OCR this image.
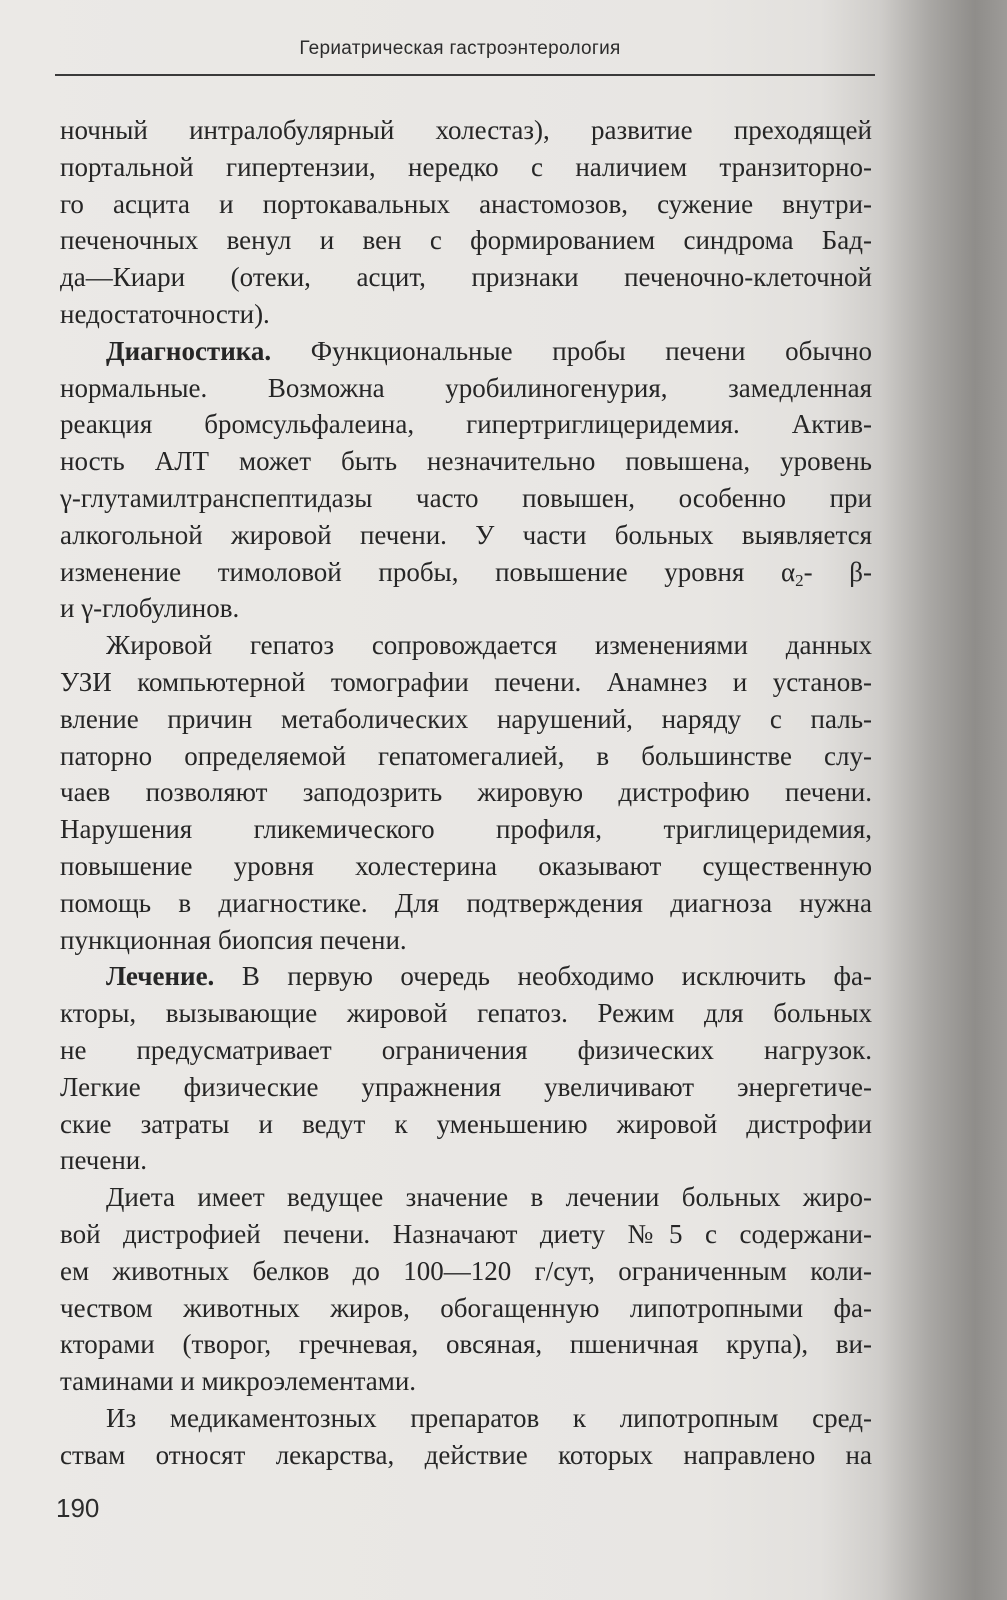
Гериатрическая гастроэнтерология
ночный интралобулярный холестаз), развитие преходящей
портальной гипертензии, нередко с наличием транзиторно-
го асцита и портокавальных анастомозов, сужение внутри-
печеночных венул и вен с формированием синдрома Бад-
да—Киари (отеки, асцит, признаки печеночно-клеточной
недостаточности).
Диагностика. Функциональные пробы печени обычно
нормальные. Возможна уробилиногенурия, замедленная
реакция бромсульфалеина, гипертриглицеридемия. Актив-
ность АЛТ может быть незначительно повышена, уровень
γ-глутамилтранспептидазы часто повышен, особенно при
алкогольной жировой печени. У части больных выявляется
изменение тимоловой пробы, повышение уровня $\alpha_2-$ β-
и γ-глобулинов.
Жировой гепатоз сопровождается изменениями данных
УЗИ компьютерной томографии печени. Анамнез и установ-
вление причин метаболических нарушений, наряду с паль-
паторно определяемой гепатомегалией, в большинстве слу-
чаев позволяют заподозрить жировую дистрофию печени.
Нарушения гликемического профиля, триглицеридемия,
повышение уровня холестерина оказывают существенную
помощь в диагностике. Для подтверждения диагноза нужна
пункционная биопсия печени.
Лечение. В первую очередь необходимо исключить фа-
кторы, вызывающие жировой гепатоз. Режим для больных
не предусматривает ограничения физических нагрузок.
Легкие физические упражнения увеличивают энергетиче-
ские затраты и ведут к уменьшению жировой дистрофии
печени.
Диета имеет ведущее значение в лечении больных жиро-
вой дистрофией печени. Назначают диету №5 с содержани-
ем животных белков до 100—120 г/сут, ограниченным коли-
чеством животных жиров, обогащенную липотропными фа-
кторами (творог, гречневая, овсяная, пшеничная крупа), ви-
таминами и микроэлементами.
Из медикаментозных препаратов к липотропным сред-
ствам относят лекарства, действие которых направлено на
190
